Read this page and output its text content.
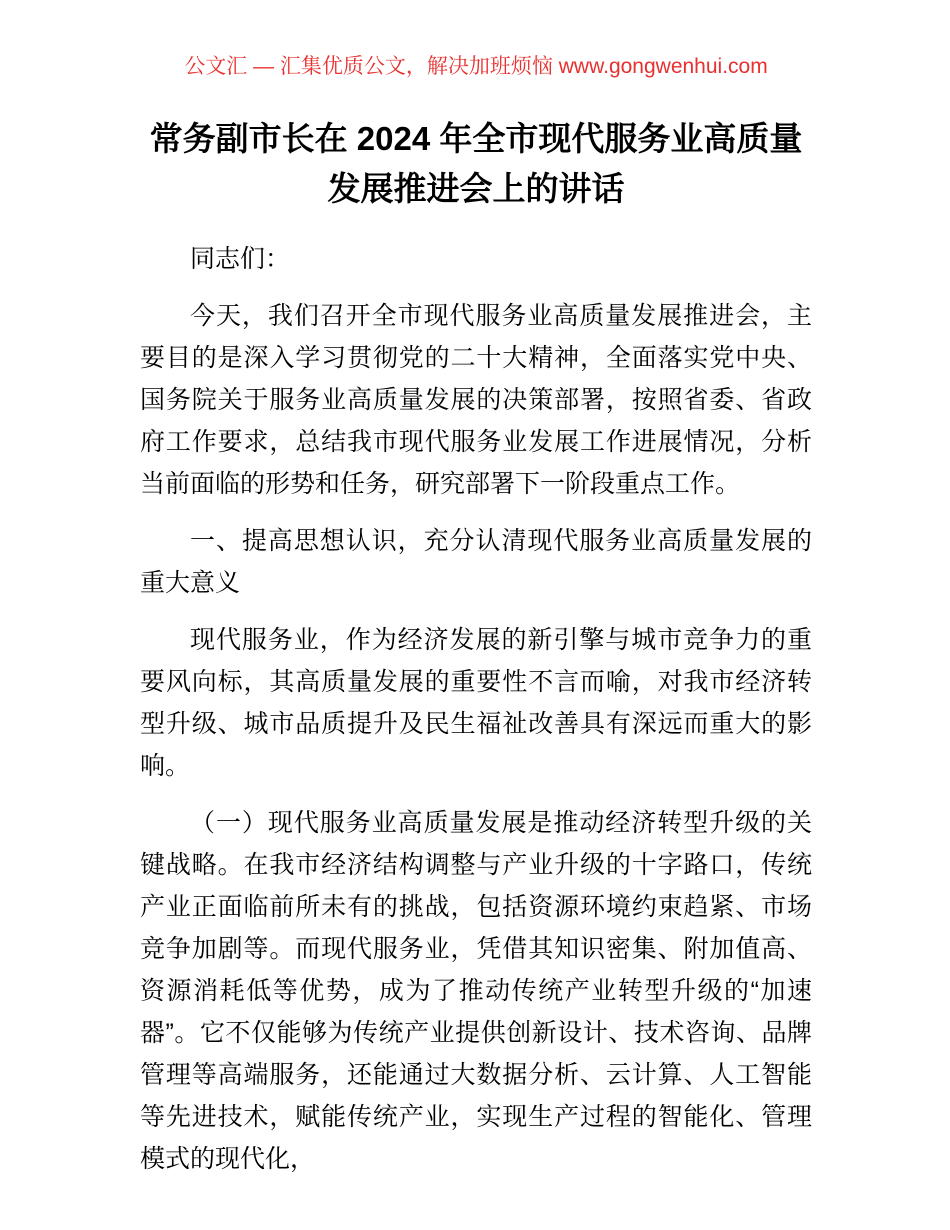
公文汇 — 汇集优质公文，解决加班烦恼 www.gongwenhui.com
常务副市长在 2024 年全市现代服务业高质量发展推进会上的讲话

同志们：

今天，我们召开全市现代服务业高质量发展推进会，主要目的是深入学习贯彻党的二十大精神，全面落实党中央、国务院关于服务业高质量发展的决策部署，按照省委、省政府工作要求，总结我市现代服务业发展工作进展情况，分析当前面临的形势和任务，研究部署下一阶段重点工作。

一、提高思想认识，充分认清现代服务业高质量发展的重大意义

现代服务业，作为经济发展的新引擎与城市竞争力的重要风向标，其高质量发展的重要性不言而喻，对我市经济转型升级、城市品质提升及民生福祉改善具有深远而重大的影响。

（一）现代服务业高质量发展是推动经济转型升级的关键战略。在我市经济结构调整与产业升级的十字路口，传统产业正面临前所未有的挑战，包括资源环境约束趋紧、市场竞争加剧等。而现代服务业，凭借其知识密集、附加值高、资源消耗低等优势，成为了推动传统产业转型升级的“加速器”。它不仅能够为传统产业提供创新设计、技术咨询、品牌管理等高端服务，还能通过大数据分析、云计算、人工智能等先进技术，赋能传统产业，实现生产过程的智能化、管理模式的现代化，
